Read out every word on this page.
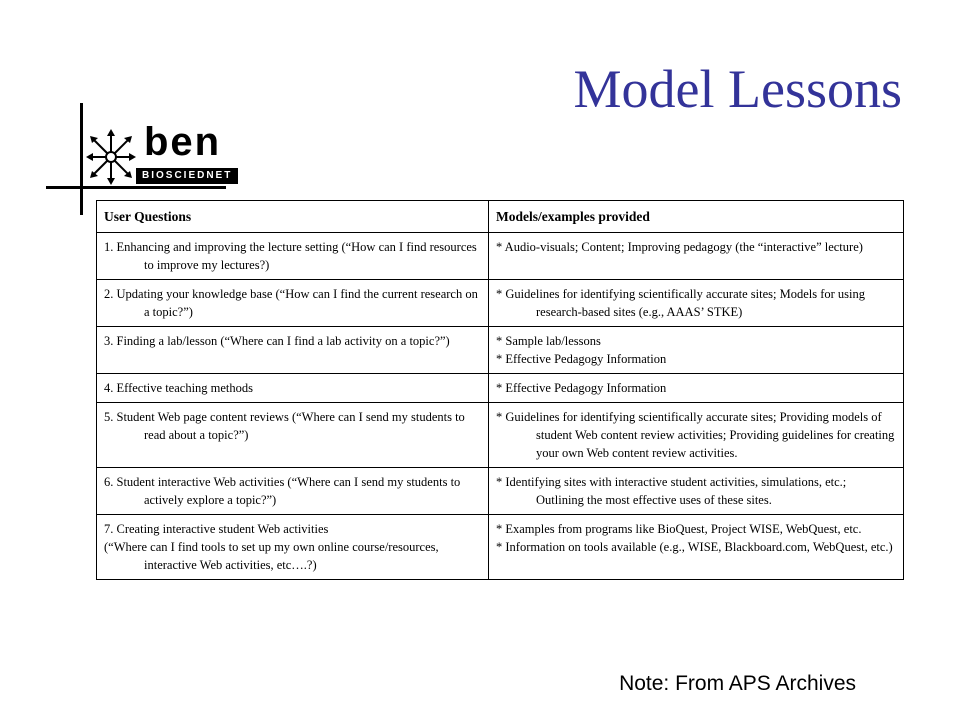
Model Lessons
ben
BIOSCIEDNET
User Questions	Models/examples provided

1. Enhancing and improving the lecture setting (“How can I find resources to improve my lectures?)	* Audio-visuals; Content; Improving pedagogy (the “interactive” lecture)

2. Updating your knowledge base (“How can I find the current research on a topic?”)	* Guidelines for identifying scientifically accurate sites; Models for using research-based sites (e.g., AAAS’ STKE)

3. Finding a lab/lesson (“Where can I find a lab activity on a topic?”)	* Sample lab/lessons
* Effective Pedagogy Information

4. Effective teaching methods	* Effective Pedagogy Information

5. Student Web page content reviews (“Where can I send my students to read about a topic?”)	* Guidelines for identifying scientifically accurate sites; Providing models of student Web content review activities; Providing guidelines for creating your own Web content review activities.

6. Student interactive Web activities (“Where can I send my students to actively explore a topic?”)	* Identifying sites with interactive student activities, simulations, etc.; Outlining the most effective uses of these sites.

7. Creating interactive student Web activities
(“Where can I find tools to set up my own online course/resources, interactive Web activities, etc….?)	* Examples from programs like BioQuest, Project WISE, WebQuest, etc.
* Information on tools available (e.g., WISE, Blackboard.com, WebQuest, etc.)
Note: From APS Archives
